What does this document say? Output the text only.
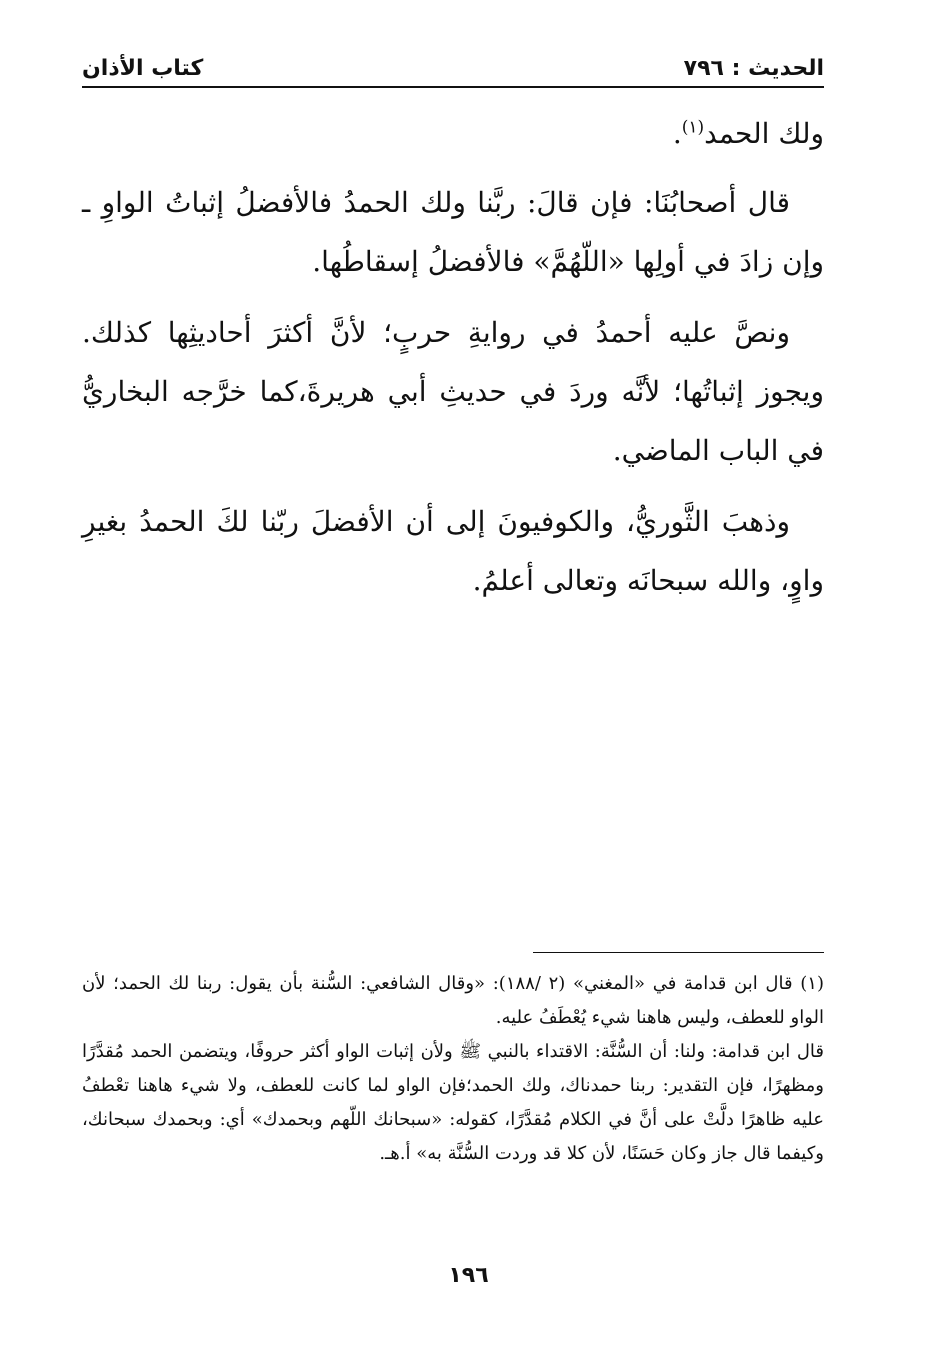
الحديث : ٧٩٦
كتاب الأذان

ولك الحمد$^{(١)}$.

قال أصحابُنَا: فإن قالَ: ربَّنا ولك الحمدُ فالأفضلُ إثباتُ الواوِ ـ وإن زادَ في أولِها «اللّهُمَّ» فالأفضلُ إسقاطُها.

ونصَّ عليه أحمدُ في روايةِ حربٍ؛ لأنَّ أكثرَ أحاديثِها كذلك. ويجوز إثباتُها؛ لأنَّه وردَ في حديثِ أبي هريرةَ،كما خرَّجه البخاريُّ في الباب الماضي.

وذهبَ الثَّوريُّ، والكوفيونَ إلى أن الأفضلَ ربّنا لكَ الحمدُ بغيرِ واوٍ، والله سبحانَه وتعالى أعلمُ.

(١) قال ابن قدامة في «المغني» (٢ /١٨٨): «وقال الشافعي: السُّنة بأن يقول: ربنا لك الحمد؛ لأن الواو للعطف، وليس هاهنا شيء يُعْطَفُ عليه.

قال ابن قدامة: ولنا: أن السُّنَّة: الاقتداء بالنبي ﷺ ولأن إثبات الواو أكثر حروفًا، ويتضمن الحمد مُقدَّرًا ومظهرًا، فإن التقدير: ربنا حمدناك، ولك الحمد؛فإن الواو لما كانت للعطف، ولا شيء هاهنا تعْطفُ عليه ظاهرًا دلَّتْ على أنَّ في الكلام مُقدَّرًا، كقوله: «سبحانك اللّهم وبحمدك» أي: وبحمدك سبحانك، وكيفما قال جاز وكان حَسَنًا، لأن كلا قد وردت السُّنَّة به» أ.هـ.

١٩٦
